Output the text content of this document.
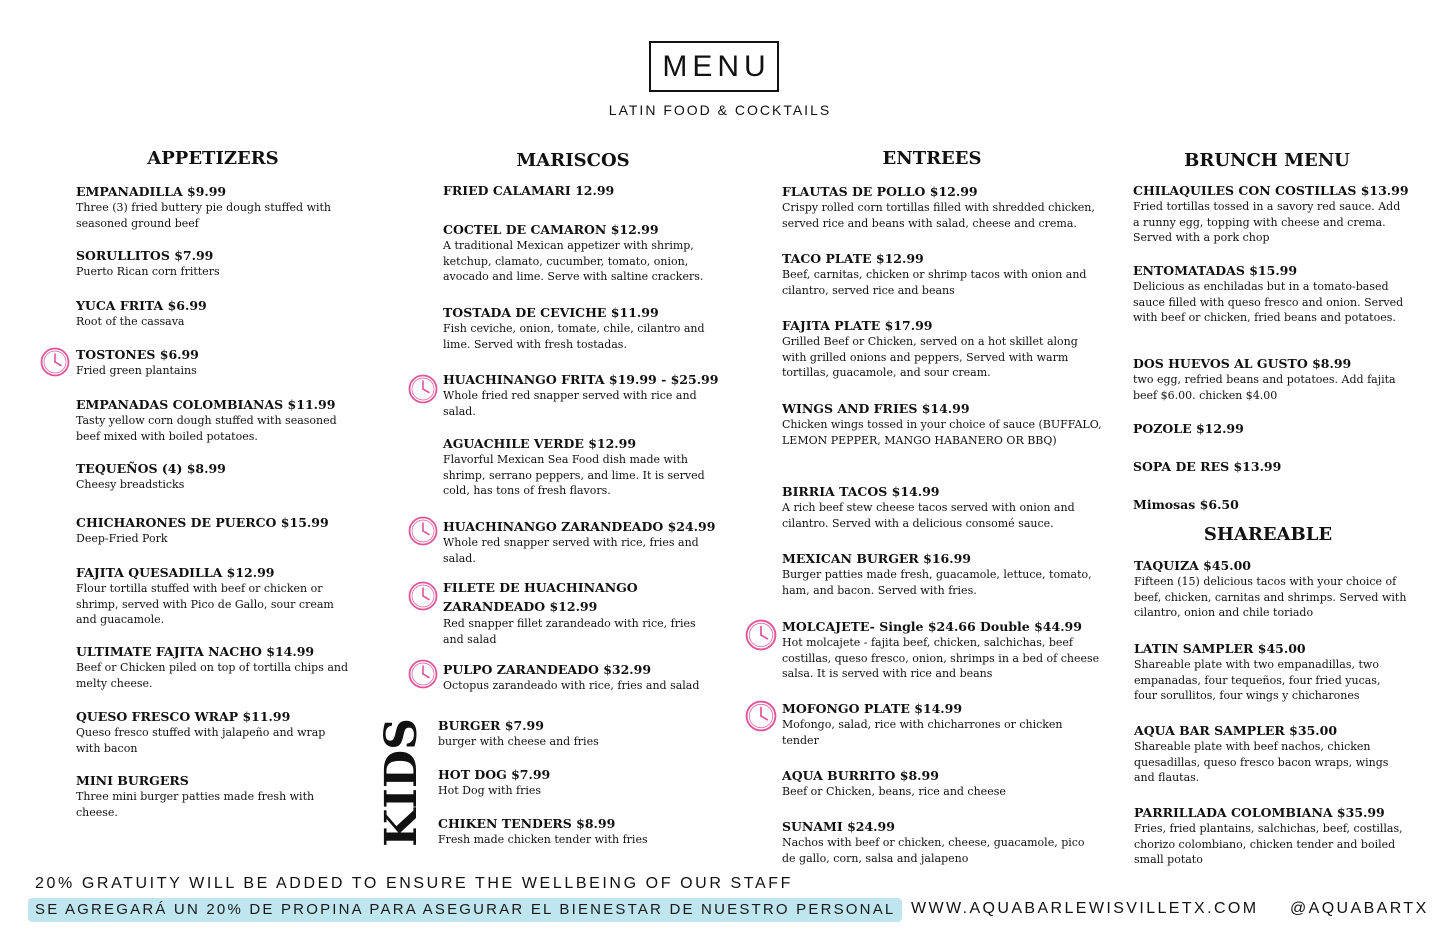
MENU
LATIN FOOD & COCKTAILS
APPETIZERS	MARISCOS	ENTREES	BRUNCH MENU
SHAREABLE
EMPANADILLA $9.99
Three (3) fried buttery pie dough stuffed with seasoned ground beef
SORULLITOS $7.99
Puerto Rican corn fritters
YUCA FRITA $6.99
Root of the cassava
TOSTONES $6.99
Fried green plantains
EMPANADAS COLOMBIANAS $11.99
Tasty yellow corn dough stuffed with seasoned beef mixed with boiled potatoes.
TEQUEÑOS (4) $8.99
Cheesy breadsticks
CHICHARONES DE PUERCO $15.99
Deep-Fried Pork
FAJITA QUESADILLA $12.99
Flour tortilla stuffed with beef or chicken or shrimp, served with Pico de Gallo, sour cream and guacamole.
ULTIMATE FAJITA NACHO $14.99
Beef or Chicken piled on top of tortilla chips and melty cheese.
QUESO FRESCO WRAP $11.99
Queso fresco stuffed with jalapeño and wrap with bacon
MINI BURGERS
Three mini burger patties made fresh with cheese.
FRIED CALAMARI 12.99
COCTEL DE CAMARON $12.99
A traditional Mexican appetizer with shrimp, ketchup, clamato, cucumber, tomato, onion, avocado and lime. Serve with saltine crackers.
TOSTADA DE CEVICHE $11.99
Fish ceviche, onion, tomate, chile, cilantro and lime. Served with fresh tostadas.
HUACHINANGO FRITA $19.99 - $25.99
Whole fried red snapper served with rice and salad.
AGUACHILE VERDE $12.99
Flavorful Mexican Sea Food dish made with shrimp, serrano peppers, and lime. It is served cold, has tons of fresh flavors.
HUACHINANGO ZARANDEADO $24.99
Whole red snapper served with rice, fries and salad.
FILETE DE HUACHINANGO
ZARANDEADO $12.99
Red snapper fillet zarandeado with rice, fries and salad
PULPO ZARANDEADO $32.99
Octopus zarandeado with rice, fries and salad
KIDS BURGER $7.99
burger with cheese and fries
HOT DOG $7.99
Hot Dog with fries
CHIKEN TENDERS $8.99
Fresh made chicken tender with fries
FLAUTAS DE POLLO $12.99
Crispy rolled corn tortillas filled with shredded chicken, served rice and beans with salad, cheese and crema.
TACO PLATE $12.99
Beef, carnitas, chicken or shrimp tacos with onion and cilantro, served rice and beans
FAJITA PLATE $17.99
Grilled Beef or Chicken, served on a hot skillet along with grilled onions and peppers, Served with warm tortillas, guacamole, and sour cream.
WINGS AND FRIES $14.99
Chicken wings tossed in your choice of sauce (BUFFALO, LEMON PEPPER, MANGO HABANERO OR BBQ)
BIRRIA TACOS $14.99
A rich beef stew cheese tacos served with onion and cilantro. Served with a delicious consomé sauce.
MEXICAN BURGER $16.99
Burger patties made fresh, guacamole, lettuce, tomato, ham, and bacon. Served with fries.
MOLCAJETE- Single $24.66 Double $44.99
Hot molcajete - fajita beef, chicken, salchichas, beef costillas, queso fresco, onion, shrimps in a bed of cheese salsa. It is served with rice and beans
MOFONGO PLATE $14.99
Mofongo, salad, rice with chicharrones or chicken tender
AQUA BURRITO $8.99
Beef or Chicken, beans, rice and cheese
SUNAMI $24.99
Nachos with beef or chicken, cheese, guacamole, pico de gallo, corn, salsa and jalapeno
CHILAQUILES CON COSTILLAS $13.99
Fried tortillas tossed in a savory red sauce. Add a runny egg, topping with cheese and crema. Served with a pork chop
ENTOMATADAS $15.99
Delicious as enchiladas but in a tomato-based sauce filled with queso fresco and onion. Served with beef or chicken, fried beans and potatoes.
DOS HUEVOS AL GUSTO $8.99
two egg, refried beans and potatoes. Add fajita beef $6.00. chicken $4.00
POZOLE $12.99
SOPA DE RES $13.99
Mimosas $6.50
TAQUIZA $45.00
Fifteen (15) delicious tacos with your choice of beef, chicken, carnitas and shrimps. Served with cilantro, onion and chile toriado
LATIN SAMPLER $45.00
Shareable plate with two empanadillas, two empanadas, four tequeños, four fried yucas, four sorullitos, four wings y chicharones
AQUA BAR SAMPLER $35.00
Shareable plate with beef nachos, chicken quesadillas, queso fresco bacon wraps, wings and flautas.
PARRILLADA COLOMBIANA $35.99
Fries, fried plantains, salchichas, beef, costillas, chorizo colombiano, chicken tender and boiled small potato
20% GRATUITY WILL BE ADDED TO ENSURE THE WELLBEING OF OUR STAFF
SE AGREGARÁ UN 20% DE PROPINA PARA ASEGURAR EL BIENESTAR DE NUESTRO PERSONAL WWW.AQUABARLEWISVILLETX.COM @AQUABARTX
